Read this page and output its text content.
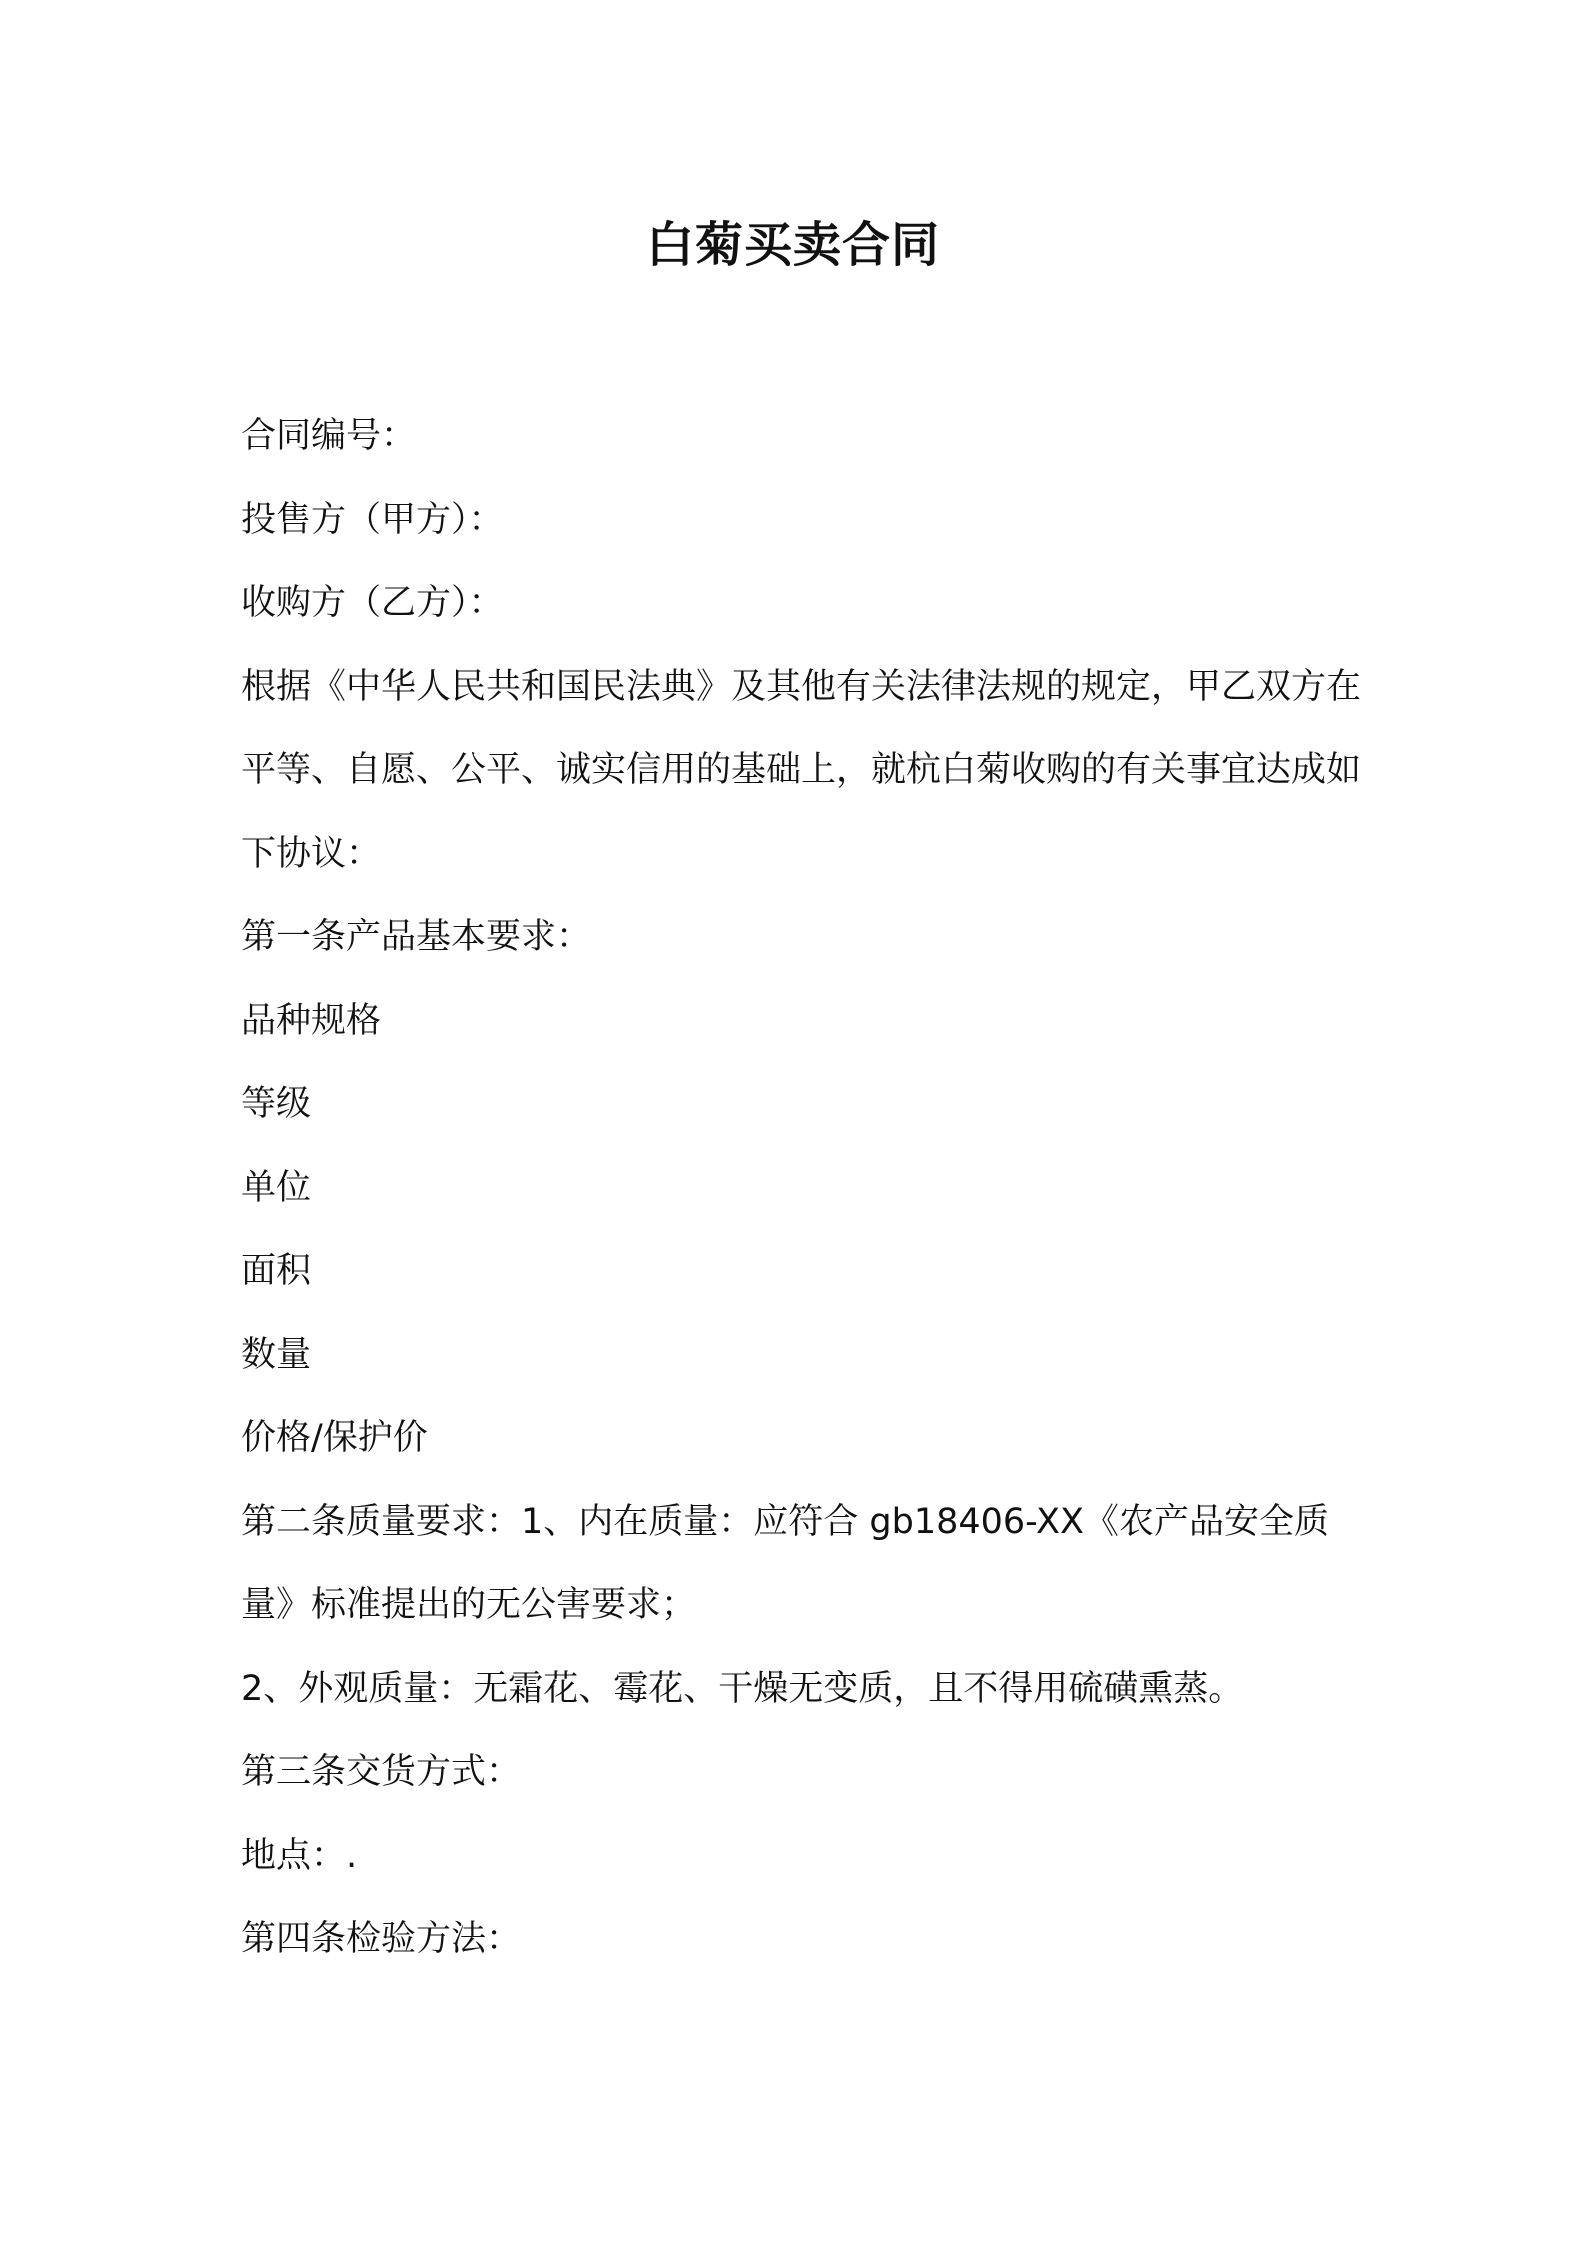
白菊买卖合同

合同编号：

投售方（甲方）：

收购方（乙方）：

根据《中华人民共和国民法典》及其他有关法律法规的规定，甲乙双方在平等、自愿、公平、诚实信用的基础上，就杭白菊收购的有关事宜达成如下协议：

第一条产品基本要求：

品种规格

等级

单位

面积

数量

价格/保护价

第二条质量要求：1、内在质量：应符合 gb18406-XX《农产品安全质量》标准提出的无公害要求；

2、外观质量：无霜花、霉花、干燥无变质，且不得用硫磺熏蒸。

第三条交货方式：

地点：.

第四条检验方法：
